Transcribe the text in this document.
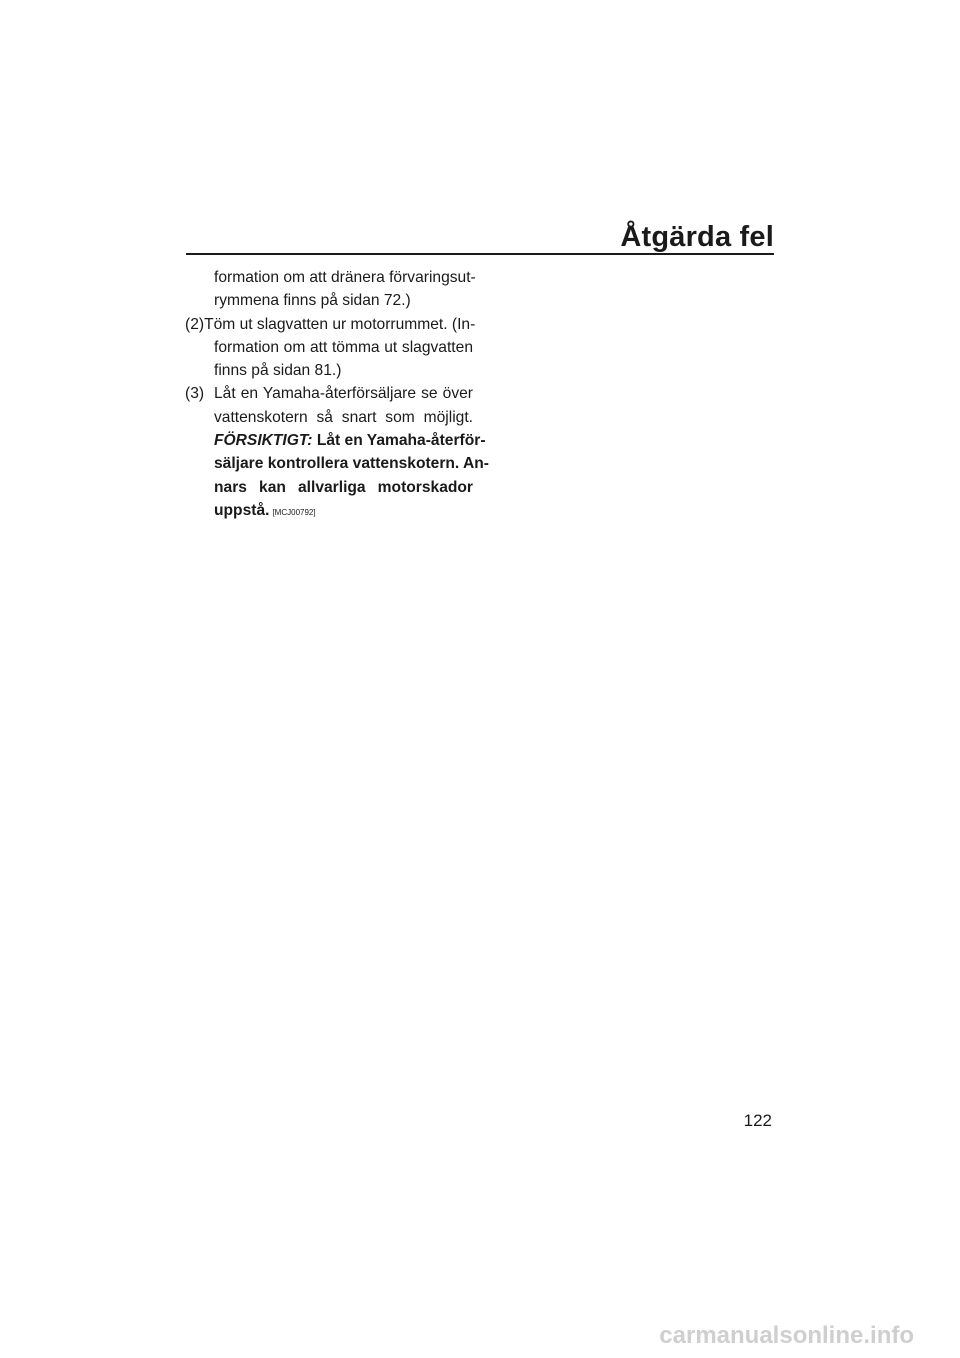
Åtgärda fel
formation om att dränera förvaringsut-
rymmena finns på sidan 72.)
(2) Töm ut slagvatten ur motorrummet. (In-
formation om att tömma ut slagvatten
finns på sidan 81.)
(3) Låt en Yamaha-återförsäljare se över
vattenskotern så snart som möjligt.
FÖRSIKTIGT: Låt en Yamaha-återför-
säljare kontrollera vattenskotern. An-
nars kan allvarliga motorskador
uppstå. [MCJ00792]
122
carmanualsonline.info
